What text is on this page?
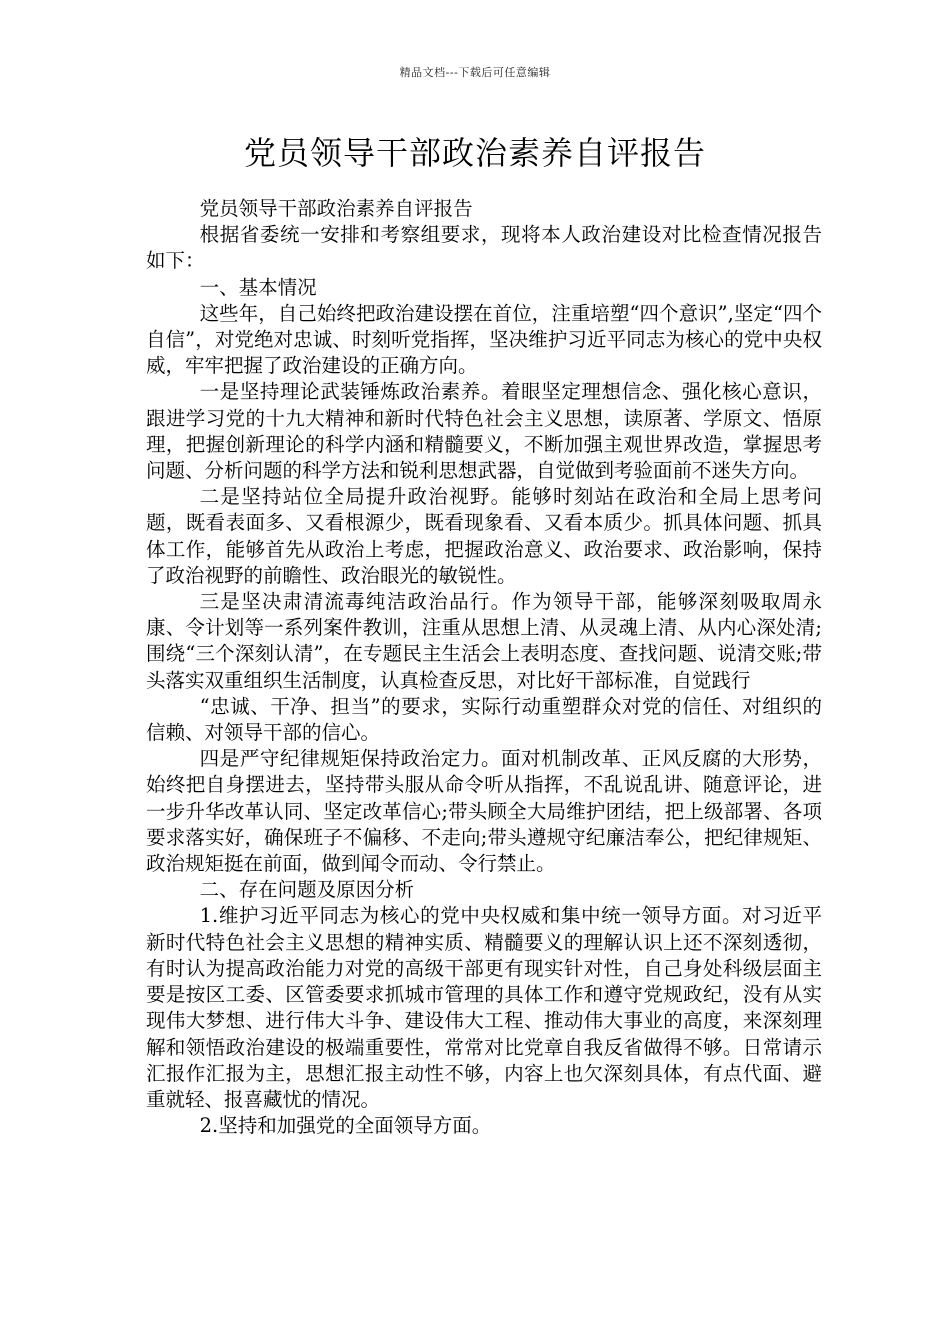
精品文档---下载后可任意编辑
党员领导干部政治素养自评报告

党员领导干部政治素养自评报告

根据省委统一安排和考察组要求，现将本人政治建设对比检查情况报告如下：

一、基本情况

这些年，自己始终把政治建设摆在首位，注重培塑“四个意识”,坚定“四个自信”，对党绝对忠诚、时刻听党指挥，坚决维护习近平同志为核心的党中央权威，牢牢把握了政治建设的正确方向。

一是坚持理论武装锤炼政治素养。着眼坚定理想信念、强化核心意识，跟进学习党的十九大精神和新时代特色社会主义思想，读原著、学原文、悟原理，把握创新理论的科学内涵和精髓要义，不断加强主观世界改造，掌握思考问题、分析问题的科学方法和锐利思想武器，自觉做到考验面前不迷失方向。

二是坚持站位全局提升政治视野。能够时刻站在政治和全局上思考问题，既看表面多、又看根源少，既看现象看、又看本质少。抓具体问题、抓具体工作，能够首先从政治上考虑，把握政治意义、政治要求、政治影响，保持了政治视野的前瞻性、政治眼光的敏锐性。

三是坚决肃清流毒纯洁政治品行。作为领导干部，能够深刻吸取周永康、令计划等一系列案件教训，注重从思想上清、从灵魂上清、从内心深处清;围绕“三个深刻认清”，在专题民主生活会上表明态度、查找问题、说清交账;带头落实双重组织生活制度，认真检查反思，对比好干部标准，自觉践行

“忠诚、干净、担当”的要求，实际行动重塑群众对党的信任、对组织的信赖、对领导干部的信心。

四是严守纪律规矩保持政治定力。面对机制改革、正风反腐的大形势，始终把自身摆进去，坚持带头服从命令听从指挥，不乱说乱讲、随意评论，进一步升华改革认同、坚定改革信心;带头顾全大局维护团结，把上级部署、各项要求落实好，确保班子不偏移、不走向;带头遵规守纪廉洁奉公，把纪律规矩、政治规矩挺在前面，做到闻令而动、令行禁止。

二、存在问题及原因分析

1.维护习近平同志为核心的党中央权威和集中统一领导方面。对习近平新时代特色社会主义思想的精神实质、精髓要义的理解认识上还不深刻透彻，有时认为提高政治能力对党的高级干部更有现实针对性，自己身处科级层面主要是按区工委、区管委要求抓城市管理的具体工作和遵守党规政纪，没有从实现伟大梦想、进行伟大斗争、建设伟大工程、推动伟大事业的高度，来深刻理解和领悟政治建设的极端重要性，常常对比党章自我反省做得不够。日常请示汇报作汇报为主，思想汇报主动性不够，内容上也欠深刻具体，有点代面、避重就轻、报喜藏忧的情况。

2.坚持和加强党的全面领导方面。
